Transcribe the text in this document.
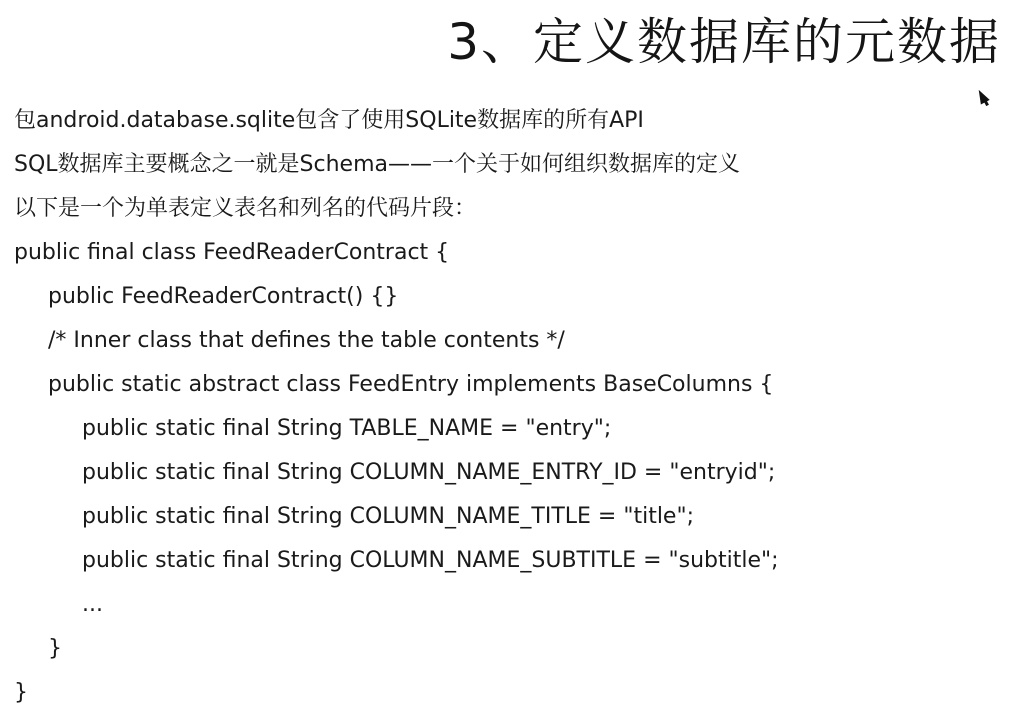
3、定义数据库的元数据
包android.database.sqlite包含了使用SQLite数据库的所有API
SQL数据库主要概念之一就是Schema——一个关于如何组织数据库的定义
以下是一个为单表定义表名和列名的代码片段：
public final class FeedReaderContract {
public FeedReaderContract() {}
/* Inner class that defines the table contents */
public static abstract class FeedEntry implements BaseColumns {
public static final String TABLE_NAME = "entry";
public static final String COLUMN_NAME_ENTRY_ID = "entryid";
public static final String COLUMN_NAME_TITLE = "title";
public static final String COLUMN_NAME_SUBTITLE = "subtitle";
...
}
}
